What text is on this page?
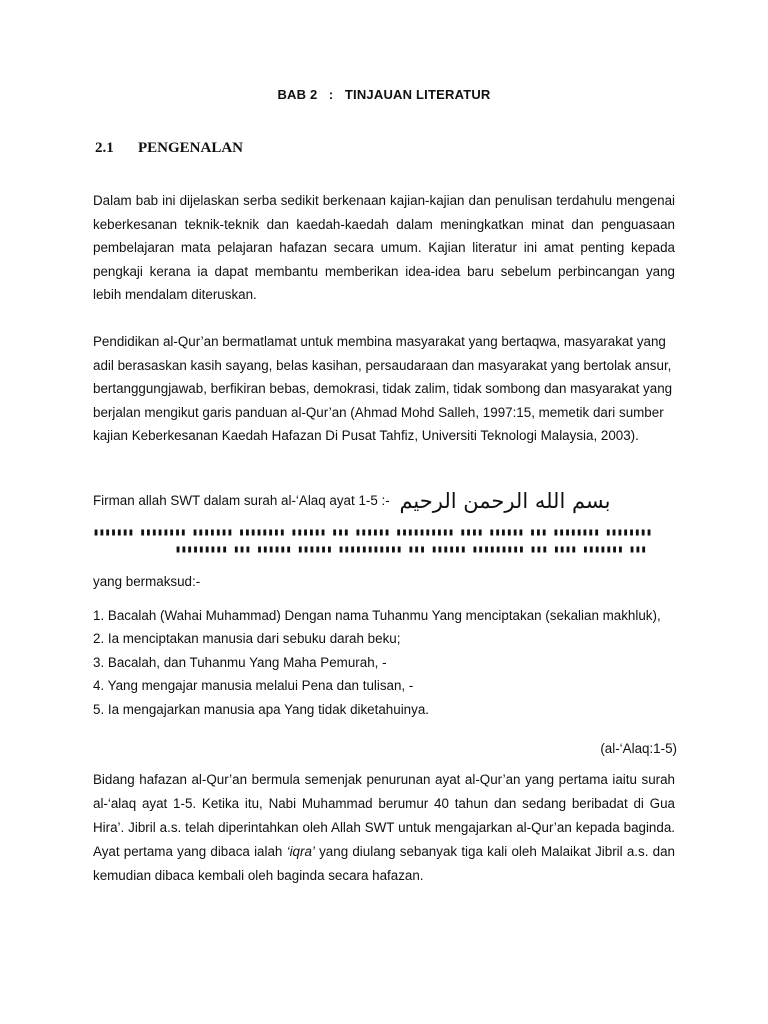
BAB 2 : TINJAUAN LITERATUR
2.1 PENGENALAN
Dalam bab ini dijelaskan serba sedikit berkenaan kajian-kajian dan penulisan terdahulu mengenai keberkesanan teknik-teknik dan kaedah-kaedah dalam meningkatkan minat dan penguasaan pembelajaran mata pelajaran hafazan secara umum. Kajian literatur ini amat penting kepada pengkaji kerana ia dapat membantu memberikan idea-idea baru sebelum perbincangan yang lebih mendalam diteruskan.
Pendidikan al-Qur’an bermatlamat untuk membina masyarakat yang bertaqwa, masyarakat yang adil berasaskan kasih sayang, belas kasihan, persaudaraan dan masyarakat yang bertolak ansur, bertanggungjawab, berfikiran bebas, demokrasi, tidak zalim, tidak sombong dan masyarakat yang berjalan mengikut garis panduan al-Qur’an (Ahmad Mohd Salleh, 1997:15, memetik dari sumber kajian Keberkesanan Kaedah Hafazan Di Pusat Tahfiz, Universiti Teknologi Malaysia, 2003).
Firman allah SWT dalam surah al-‘Alaq ayat 1-5 :- بسم الله الرحمن الرحيم
▮▮▮▮▮▮▮ ▮▮▮▮▮▮▮▮ ▮▮▮▮▮▮▮ ▮▮▮▮▮▮▮▮ ▮▮▮▮▮▮ ▮▮▮ ▮▮▮▮▮▮ ▮▮▮▮▮▮▮▮▮▮ ▮▮▮▮ ▮▮▮▮▮▮ ▮▮▮ ▮▮▮▮▮▮▮▮ ▮▮▮▮▮▮▮▮
▮▮▮▮▮▮▮▮▮ ▮▮▮ ▮▮▮▮▮▮ ▮▮▮▮▮▮ ▮▮▮▮▮▮▮▮▮▮▮ ▮▮▮ ▮▮▮▮▮▮ ▮▮▮▮▮▮▮▮▮ ▮▮▮ ▮▮▮▮ ▮▮▮▮▮▮▮ ▮▮▮
yang bermaksud:-
1. Bacalah (Wahai Muhammad) Dengan nama Tuhanmu Yang menciptakan (sekalian makhluk),
2. Ia menciptakan manusia dari sebuku darah beku;
3. Bacalah, dan Tuhanmu Yang Maha Pemurah, -
4. Yang mengajar manusia melalui Pena dan tulisan, -
5. Ia mengajarkan manusia apa Yang tidak diketahuinya.
(al-‘Alaq:1-5)
Bidang hafazan al-Qur’an bermula semenjak penurunan ayat al-Qur’an yang pertama iaitu surah al-‘alaq ayat 1-5. Ketika itu, Nabi Muhammad berumur 40 tahun dan sedang beribadat di Gua Hira’. Jibril a.s. telah diperintahkan oleh Allah SWT untuk mengajarkan al-Qur’an kepada baginda. Ayat pertama yang dibaca ialah ‘iqra’ yang diulang sebanyak tiga kali oleh Malaikat Jibril a.s. dan kemudian dibaca kembali oleh baginda secara hafazan.
